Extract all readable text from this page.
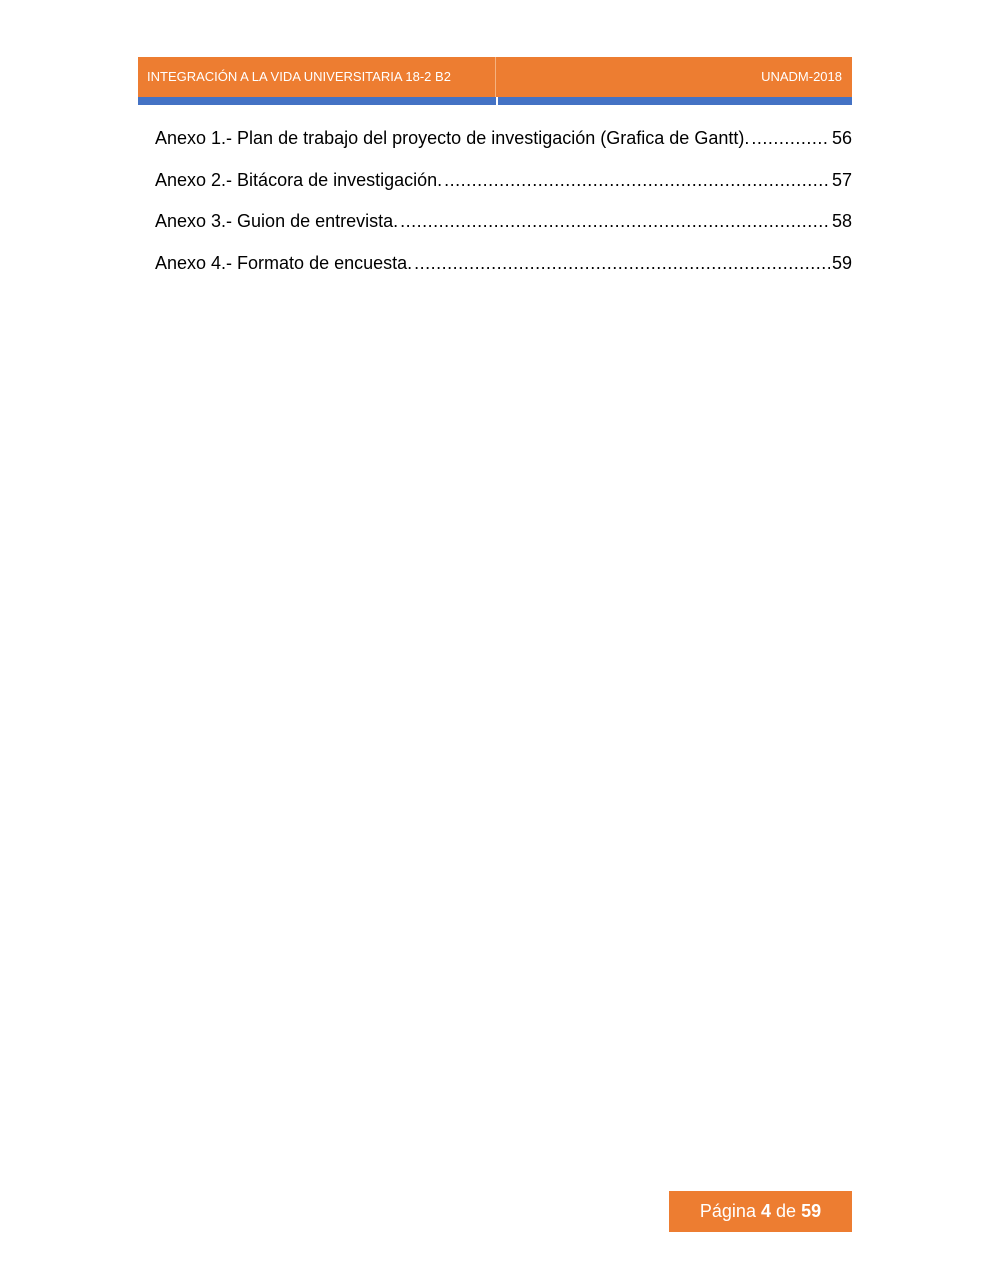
INTEGRACIÓN A LA VIDA UNIVERSITARIA 18-2 B2	UNADM-2018
Anexo 1.- Plan de trabajo del proyecto de investigación (Grafica de Gantt). .....	56
Anexo 2.- Bitácora de investigación. .....	57
Anexo 3.- Guion de entrevista. .....	58
Anexo 4.- Formato de encuesta. .....	59
Página
4
de
59
